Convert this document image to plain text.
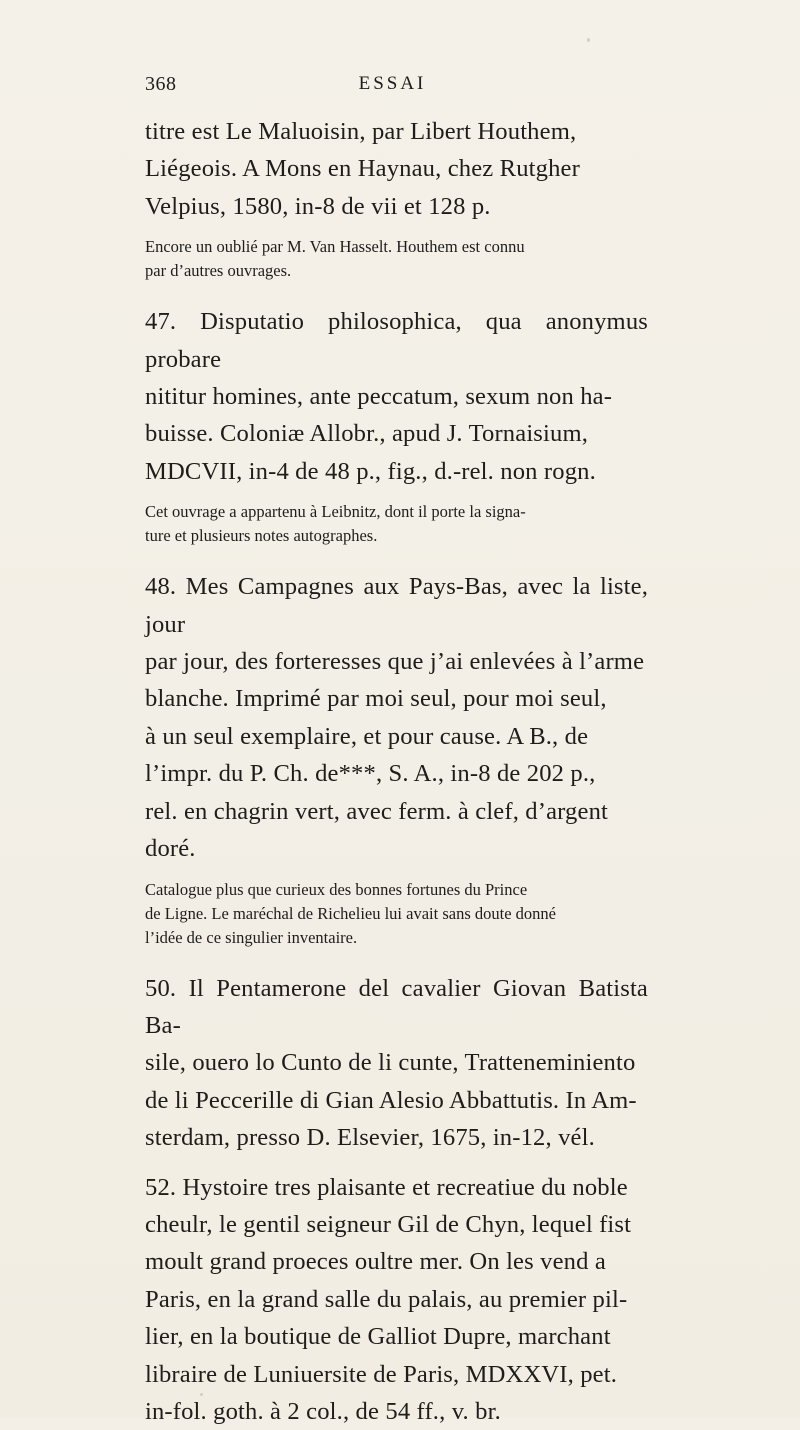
368	ESSAI

titre est Le Maluoisin, par Libert Houthem,
Liégeois. A Mons en Haynau, chez Rutgher
Velpius, 1580, in-8 de vii et 128 p.

Encore un oublié par M. Van Hasselt. Houthem est connu
par d’autres ouvrages.

47. Disputatio philosophica, qua anonymus probare
nititur homines, ante peccatum, sexum non ha-
buisse. Coloniæ Allobr., apud J. Tornaisium,
MDCVII, in-4 de 48 p., fig., d.-rel. non rogn.

Cet ouvrage a appartenu à Leibnitz, dont il porte la signa-
ture et plusieurs notes autographes.

48. Mes Campagnes aux Pays-Bas, avec la liste, jour
par jour, des forteresses que j’ai enlevées à l’arme
blanche. Imprimé par moi seul, pour moi seul,
à un seul exemplaire, et pour cause. A B., de
l’impr. du P. Ch. de***, S. A., in-8 de 202 p.,
rel. en chagrin vert, avec ferm. à clef, d’argent
doré.

Catalogue plus que curieux des bonnes fortunes du Prince
de Ligne. Le maréchal de Richelieu lui avait sans doute donné
l’idée de ce singulier inventaire.

50. Il Pentamerone del cavalier Giovan Batista Ba-
sile, ouero lo Cunto de li cunte, Tratteneminiento
de li Peccerille di Gian Alesio Abbattutis. In Am-
sterdam, presso D. Elsevier, 1675, in-12, vél.

52. Hystoire tres plaisante et recreatiue du noble
cheulr, le gentil seigneur Gil de Chyn, lequel fist
moult grand proeces oultre mer. On les vend a
Paris, en la grand salle du palais, au premier pil-
lier, en la boutique de Galliot Dupre, marchant
libraire de Luniuersite de Paris, MDXXVI, pet.
in-fol. goth. à 2 col., de 54 ff., v. br.
